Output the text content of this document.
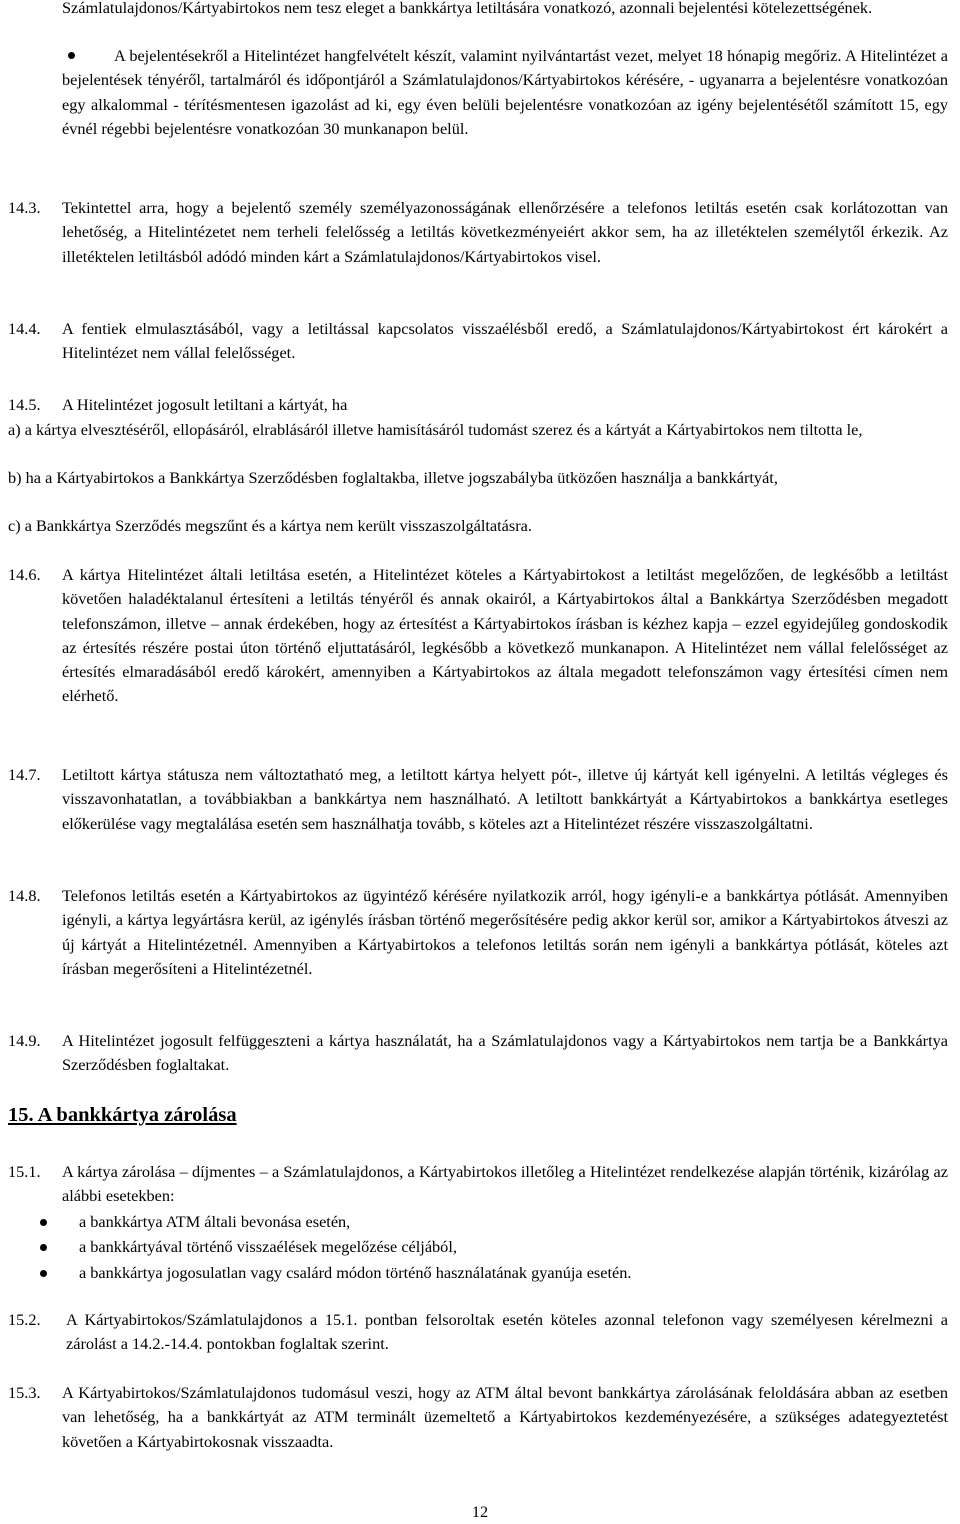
Számlatulajdonos/Kártyabirtokos nem tesz eleget a bankkártya letiltására vonatkozó, azonnali bejelentési kötelezettségének.
A bejelentésekről a Hitelintézet hangfelvételt készít, valamint nyilvántartást vezet, melyet 18 hónapig megőriz. A Hitelintézet a bejelentések tényéről, tartalmáról és időpontjáról a Számlatulajdonos/Kártyabirtokos kérésére, - ugyanarra a bejelentésre vonatkozóan egy alkalommal - térítésmentesen igazolást ad ki, egy éven belüli bejelentésre vonatkozóan az igény bejelentésétől számított 15, egy évnél régebbi bejelentésre vonatkozóan 30 munkanapon belül.
14.3. Tekintettel arra, hogy a bejelentő személy személyazonosságának ellenőrzésére a telefonos letiltás esetén csak korlátozottan van lehetőség, a Hitelintézetet nem terheli felelősség a letiltás következményeiért akkor sem, ha az illetéktelen személytől érkezik. Az illetéktelen letiltásból adódó minden kárt a Számlatulajdonos/Kártyabirtokos visel.
14.4. A fentiek elmulasztásából, vagy a letiltással kapcsolatos visszaélésből eredő, a Számlatulajdonos/Kártyabirtokost ért károkért a Hitelintézet nem vállal felelősséget.
14.5. A Hitelintézet jogosult letiltani a kártyát, ha
a) a kártya elvesztéséről, ellopásáról, elrablásáról illetve hamisításáról tudomást szerez és a kártyát a Kártyabirtokos nem tiltotta le,
b) ha a Kártyabirtokos a Bankkártya Szerződésben foglaltakba, illetve jogszabályba ütközően használja a bankkártyát,
c) a Bankkártya Szerződés megszűnt és a kártya nem került visszaszolgáltatásra.
14.6. A kártya Hitelintézet általi letiltása esetén, a Hitelintézet köteles a Kártyabirtokost a letiltást megelőzően, de legkésőbb a letiltást követően haladéktalanul értesíteni a letiltás tényéről és annak okairól, a Kártyabirtokos által a Bankkártya Szerződésben megadott telefonszámon, illetve – annak érdekében, hogy az értesítést a Kártyabirtokos írásban is kézhez kapja – ezzel egyidejűleg gondoskodik az értesítés részére postai úton történő eljuttatásáról, legkésőbb a következő munkanapon. A Hitelintézet nem vállal felelősséget az értesítés elmaradásából eredő károkért, amennyiben a Kártyabirtokos az általa megadott telefonszámon vagy értesítési címen nem elérhető.
14.7. Letiltott kártya státusza nem változtatható meg, a letiltott kártya helyett pót-, illetve új kártyát kell igényelni. A letiltás végleges és visszavonhatatlan, a továbbiakban a bankkártya nem használható. A letiltott bankkártyát a Kártyabirtokos a bankkártya esetleges előkerülése vagy megtalálása esetén sem használhatja tovább, s köteles azt a Hitelintézet részére visszaszolgáltatni.
14.8. Telefonos letiltás esetén a Kártyabirtokos az ügyintéző kérésére nyilatkozik arról, hogy igényli-e a bankkártya pótlását. Amennyiben igényli, a kártya legyártásra kerül, az igénylés írásban történő megerősítésére pedig akkor kerül sor, amikor a Kártyabirtokos átveszi az új kártyát a Hitelintézetnél. Amennyiben a Kártyabirtokos a telefonos letiltás során nem igényli a bankkártya pótlását, köteles azt írásban megerősíteni a Hitelintézetnél.
14.9. A Hitelintézet jogosult felfüggeszteni a kártya használatát, ha a Számlatulajdonos vagy a Kártyabirtokos nem tartja be a Bankkártya Szerződésben foglaltakat.
15. A bankkártya zárolása
15.1. A kártya zárolása – díjmentes – a Számlatulajdonos, a Kártyabirtokos illetőleg a Hitelintézet rendelkezése alapján történik, kizárólag az alábbi esetekben:
a bankkártya ATM általi bevonása esetén,
a bankkártyával történő visszaélések megelőzése céljából,
a bankkártya jogosulatlan vagy csalárd módon történő használatának gyanúja esetén.
15.2. A Kártyabirtokos/Számlatulajdonos a 15.1. pontban felsoroltak esetén köteles azonnal telefonon vagy személyesen kérelmezni a zárolást a 14.2.-14.4. pontokban foglaltak szerint.
15.3. A Kártyabirtokos/Számlatulajdonos tudomásul veszi, hogy az ATM által bevont bankkártya zárolásának feloldására abban az esetben van lehetőség, ha a bankkártyát az ATM terminált üzemeltető a Kártyabirtokos kezdeményezésére, a szükséges adategyeztetést követően a Kártyabirtokosnak visszaadta.
12
